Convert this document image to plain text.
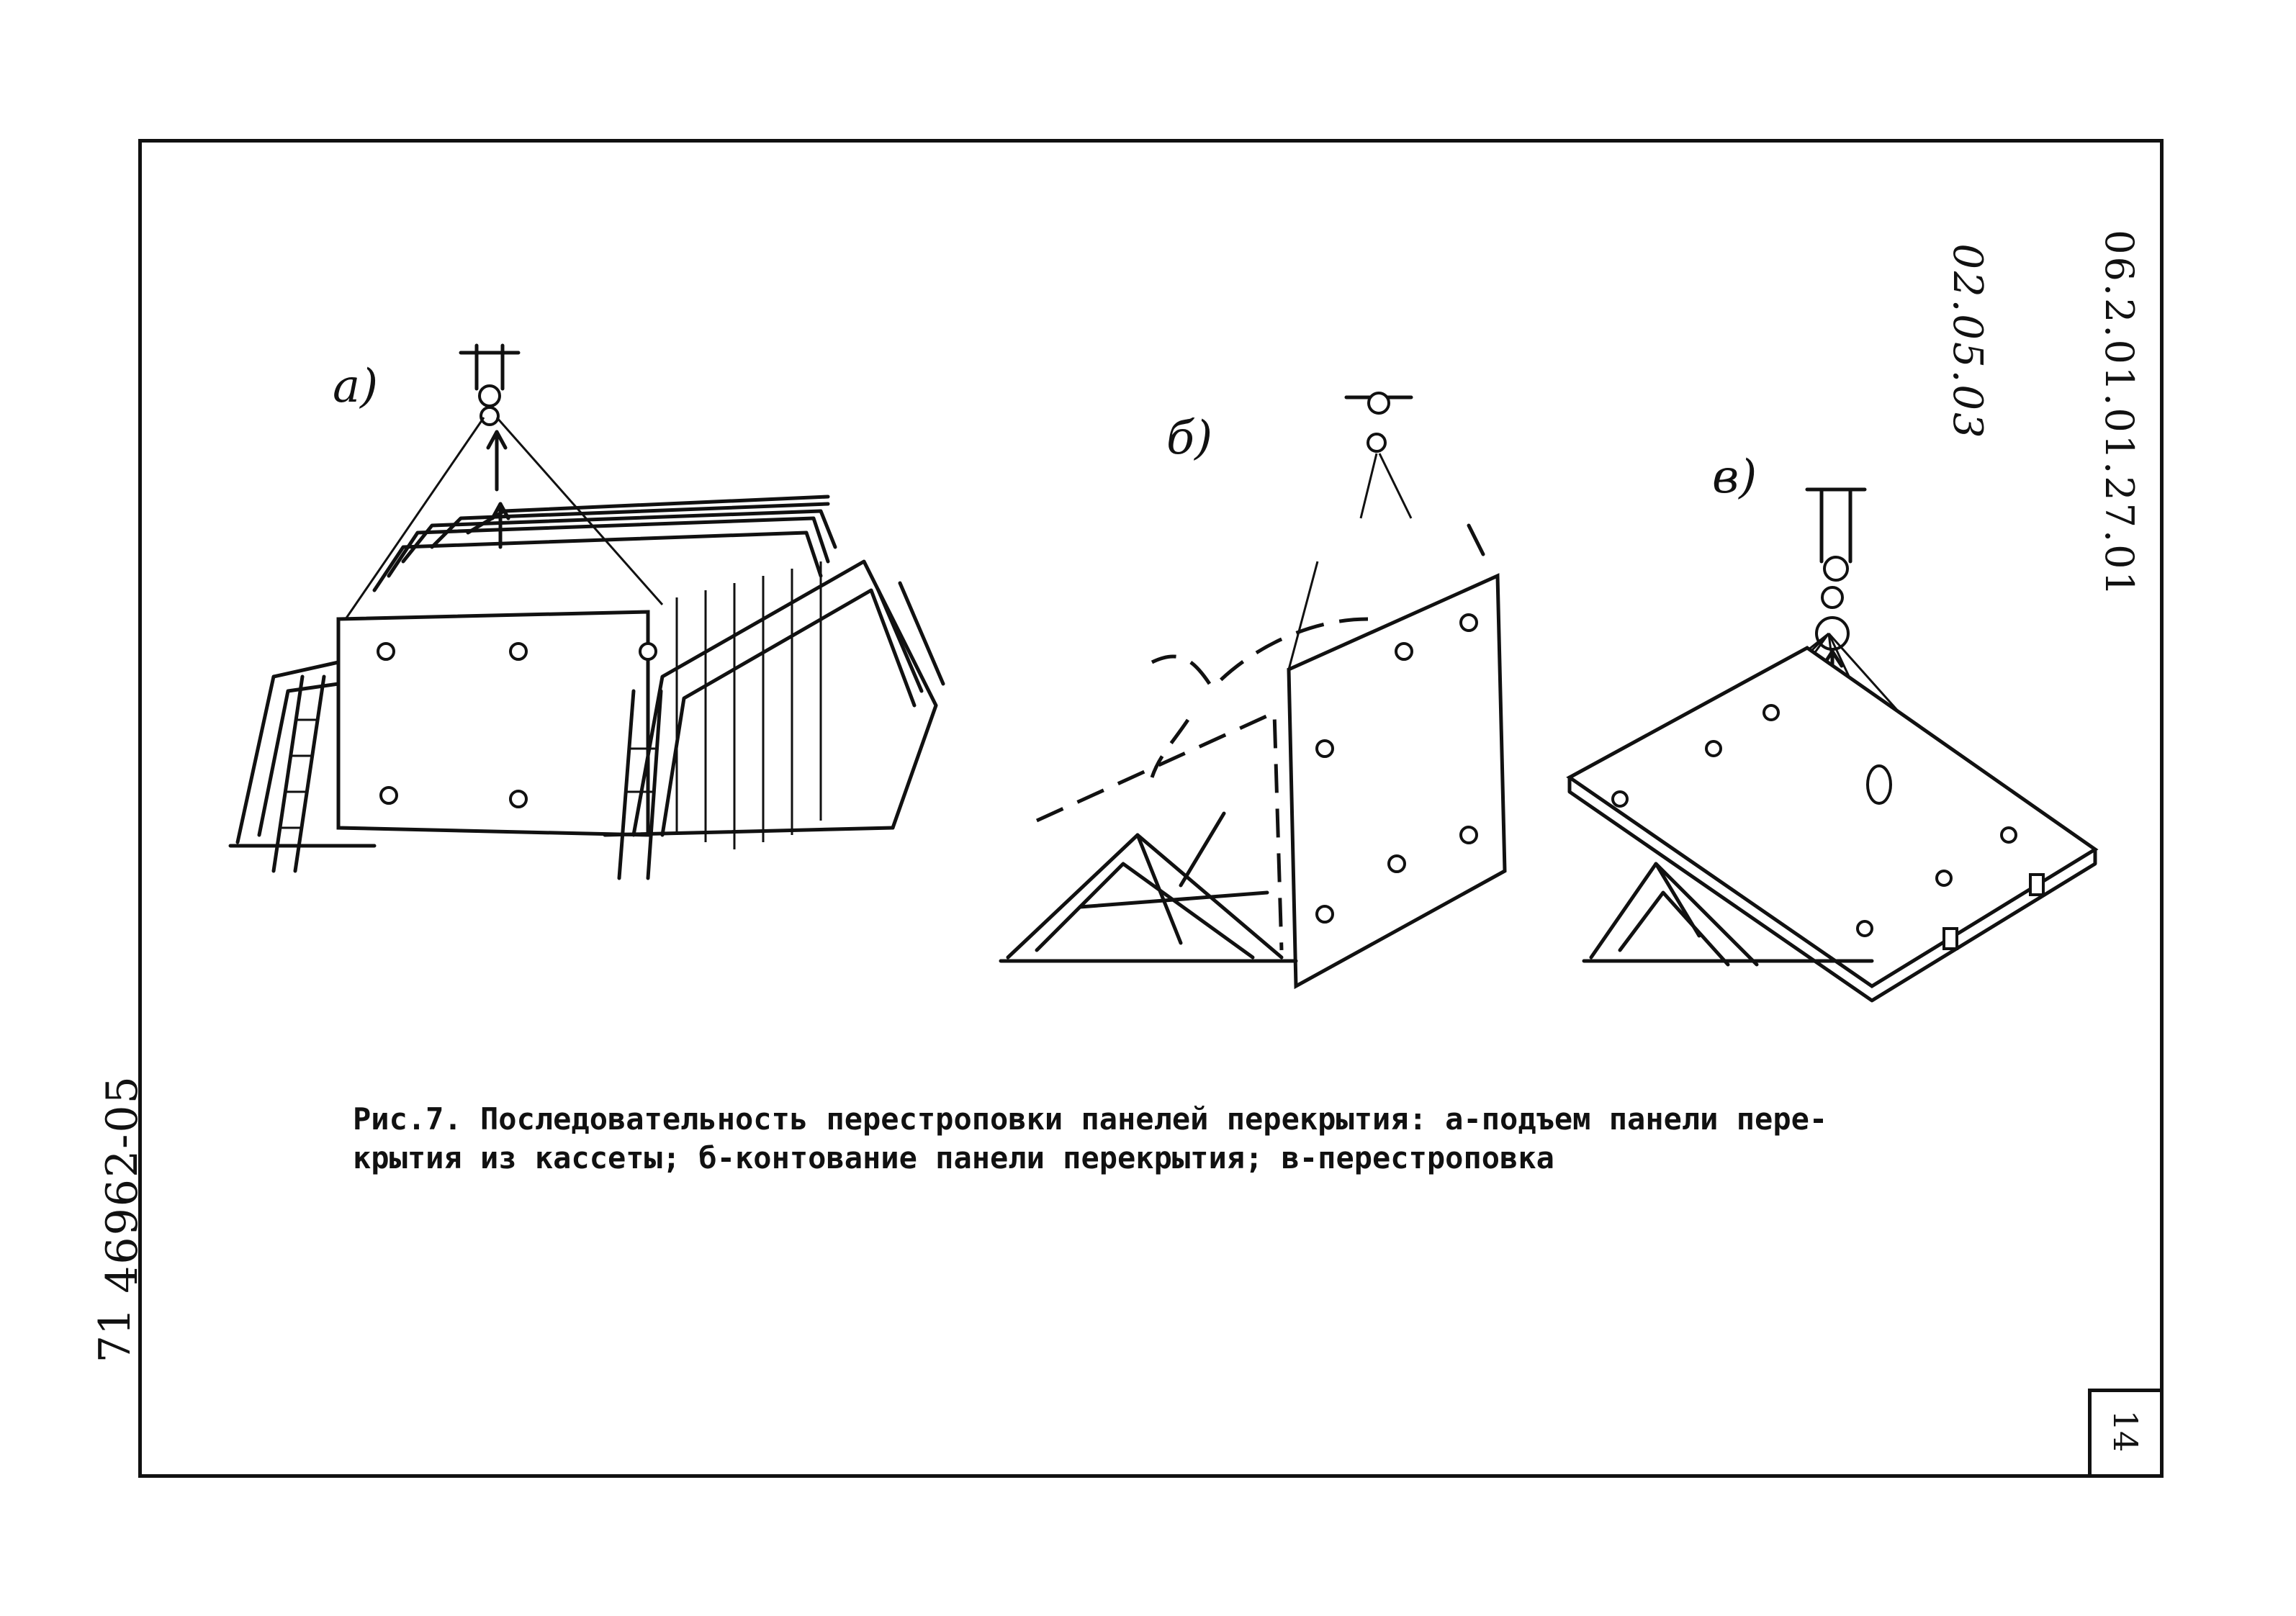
14
06.2.01.01.27.01
02.05.03
46962-05
71
а)
б)
в)
Рис.7. Последовательность перестроповки панелей перекрытия: а-подъем панели пере-
крытия из кассеты; б-контование панели перекрытия; в-перестроповка
